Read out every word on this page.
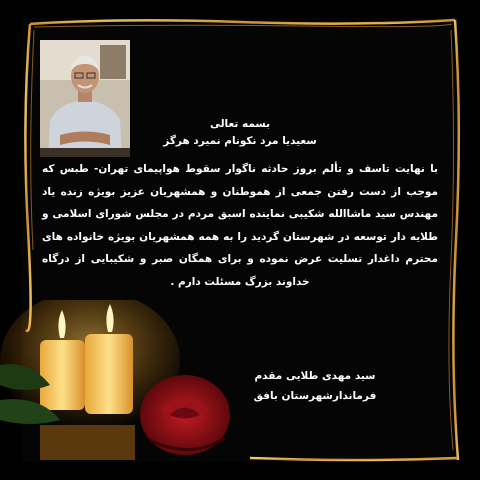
بسمه تعالی
سعیدیا مرد نکونام نمیرد هرگز
با نهایت تاسف و تألم بروز حادثه ناگوار سقوط هواپیمای تهران- طبس که موجب از دست رفتن جمعی از هموطنان و همشهریان عزیز بویژه زنده یاد مهندس سید ماشاالله شکیبی نماینده اسبق مردم در مجلس شورای اسلامی و طلایه دار توسعه در شهرستان گردید را به همه همشهریان بویژه خانواده های محترم داغدار تسلیت عرض نموده و برای همگان صبر و شکیبایی از درگاه خداوند بزرگ مسئلت دارم .
سید مهدی طلایی مقدم
فرماندارشهرستان بافق
